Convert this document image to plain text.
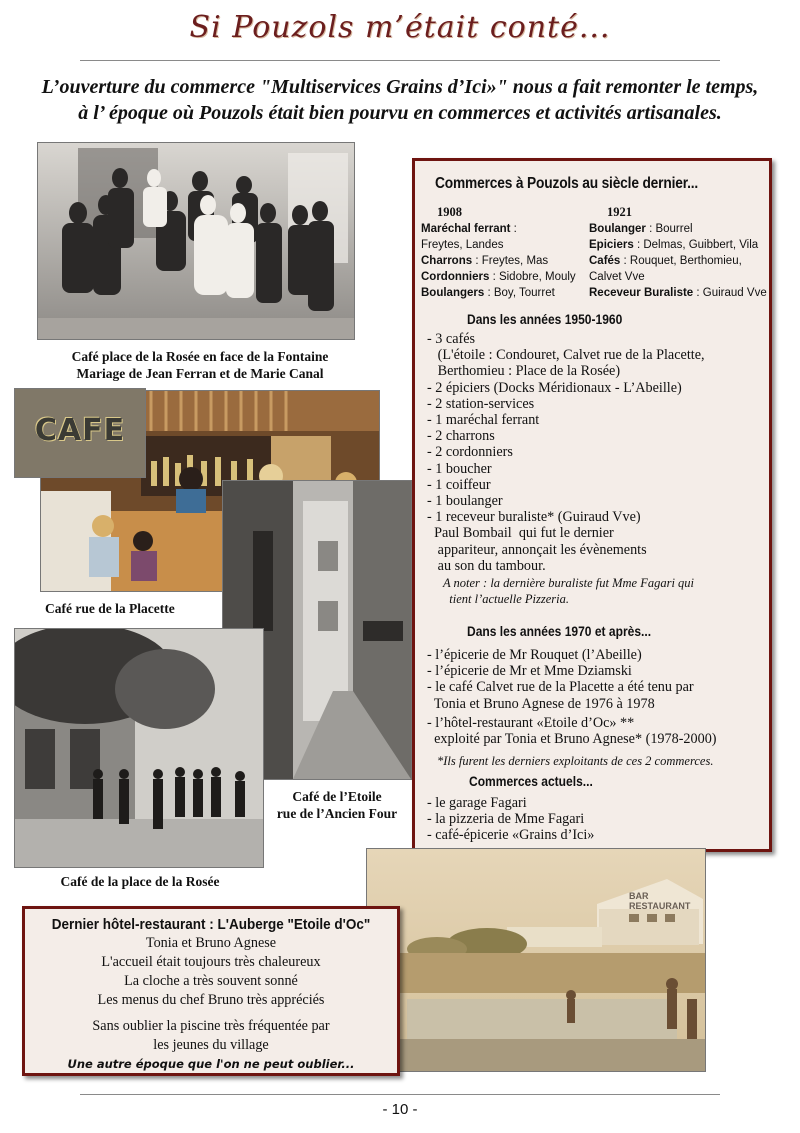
Si Pouzols m’était conté...
L’ouverture du commerce "Multiservices Grains d’Ici»" nous a fait remonter le temps,
à l’ époque où Pouzols était bien pourvu en commerces et activités artisanales.
Café place de la Rosée en face de la Fontaine
Mariage de Jean Ferran et de Marie Canal
CAFE
Café rue de la Placette
Café de l’Etoile
rue de l’Ancien Four
Café de la place de la Rosée
Commerces à Pouzols au siècle dernier...
1908	1921
Maréchal ferrant :
Freytes, Landes
Charrons : Freytes, Mas
Cordonniers : Sidobre, Mouly
Boulangers : Boy, Tourret
Boulanger : Bourrel
Epiciers : Delmas, Guibbert, Vila
Cafés : Rouquet, Berthomieu,
Calvet Vve
Receveur Buraliste : Guiraud Vve
Dans les années 1950-1960
- 3 cafés
(L'étoile : Condouret, Calvet rue de la Placette,
Berthomieu : Place de la Rosée)
- 2 épiciers (Docks Méridionaux - L’Abeille)
- 2 station-services
- 1 maréchal ferrant
- 2 charrons
- 2 cordonniers
- 1 boucher
- 1 coiffeur
- 1 boulanger
- 1 receveur buraliste* (Guiraud Vve)
Paul Bombail  qui fut le dernier
appariteur, annonçait les évènements
au son du tambour.
A noter : la dernière buraliste fut Mme Fagari qui
tient l’actuelle Pizzeria.
Dans les années 1970 et après...
- l’épicerie de Mr Rouquet (l’Abeille)
- l’épicerie de Mr et Mme Dziamski
- le café Calvet rue de la Placette a été tenu par
Tonia et Bruno Agnese de 1976 à 1978
- l’hôtel-restaurant «Etoile d’Oc» **
exploité par Tonia et Bruno Agnese* (1978-2000)
*Ils furent les derniers exploitants de ces 2 commerces.
Commerces actuels...
- le garage Fagari
- la pizzeria de Mme Fagari
- café-épicerie «Grains d’Ici»
BAR
RESTAURANT
Dernier hôtel-restaurant : L'Auberge "Etoile d'Oc"
Tonia et Bruno Agnese
L'accueil était toujours très chaleureux
La cloche a très souvent sonné
Les menus du chef Bruno très appréciés
Sans oublier la piscine très fréquentée par
les jeunes du village
Une autre époque que l'on ne peut oublier...
- 10 -
